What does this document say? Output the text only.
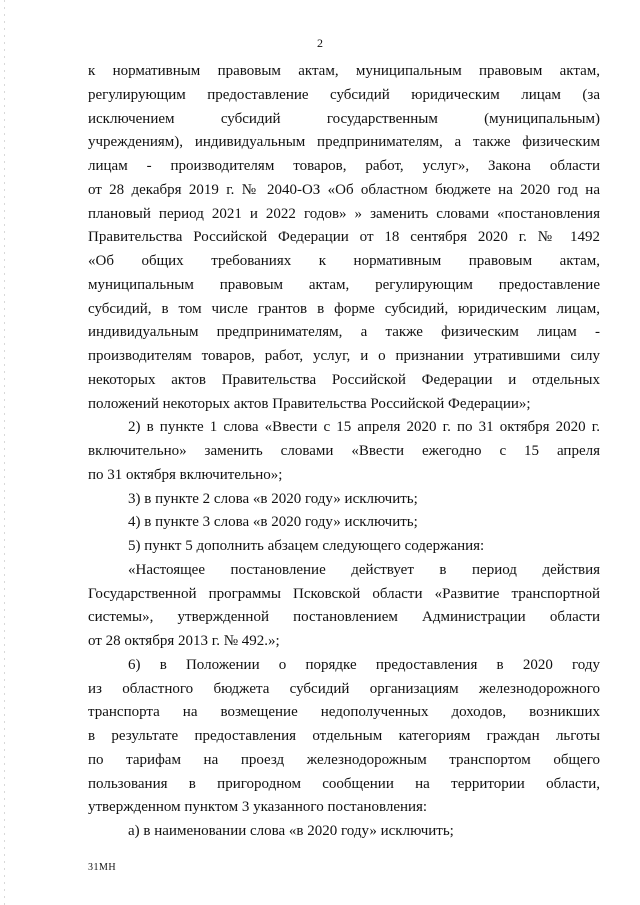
2
к нормативным правовым актам, муниципальным правовым актам,
регулирующим предоставление субсидий юридическим лицам (за
исключением субсидий государственным (муниципальным)
учреждениям), индивидуальным предпринимателям, а также физическим
лицам - производителям товаров, работ, услуг», Закона области
от 28 декабря 2019 г. № 2040-ОЗ «Об областном бюджете на 2020 год на
плановый период 2021 и 2022 годов» » заменить словами «постановления
Правительства Российской Федерации от 18 сентября 2020 г. № 1492
«Об общих требованиях к нормативным правовым актам,
муниципальным правовым актам, регулирующим предоставление
субсидий, в том числе грантов в форме субсидий, юридическим лицам,
индивидуальным предпринимателям, а также физическим лицам -
производителям товаров, работ, услуг, и о признании утратившими силу
некоторых актов Правительства Российской Федерации и отдельных
положений некоторых актов Правительства Российской Федерации»;
2) в пункте 1 слова «Ввести с 15 апреля 2020 г. по 31 октября 2020 г.
включительно» заменить словами «Ввести ежегодно с 15 апреля
по 31 октября включительно»;
3) в пункте 2 слова «в 2020 году» исключить;
4) в пункте 3 слова «в 2020 году» исключить;
5) пункт 5 дополнить абзацем следующего содержания:
«Настоящее постановление действует в период действия
Государственной программы Псковской области «Развитие транспортной
системы», утвержденной постановлением Администрации области
от 28 октября 2013 г. № 492.»;
6) в Положении о порядке предоставления в 2020 году
из областного бюджета субсидий организациям железнодорожного
транспорта на возмещение недополученных доходов, возникших
в результате предоставления отдельным категориям граждан льготы
по тарифам на проезд железнодорожным транспортом общего
пользования в пригородном сообщении на территории области,
утвержденном пунктом 3 указанного постановления:
а) в наименовании слова «в 2020 году» исключить;
31МН
